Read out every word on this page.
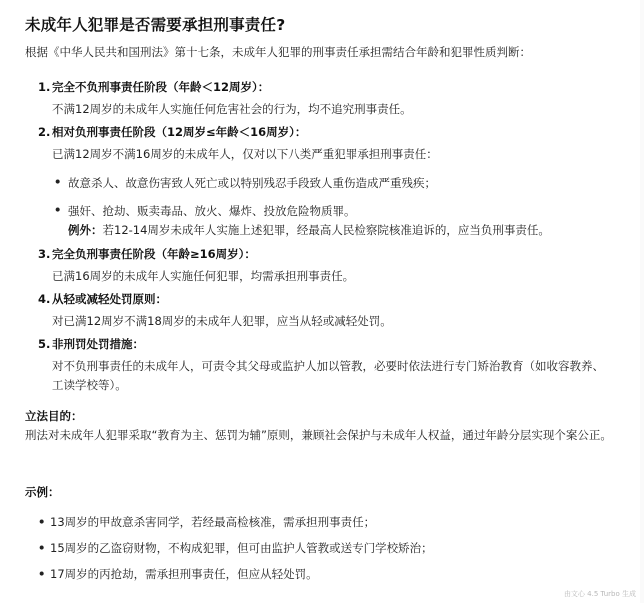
未成年人犯罪是否需要承担刑事责任?
根据《中华人民共和国刑法》第十七条，未成年人犯罪的刑事责任承担需结合年龄和犯罪性质判断：
1. 完全不负刑事责任阶段（年龄＜12周岁）：
不满12周岁的未成年人实施任何危害社会的行为，均不追究刑事责任。
2. 相对负刑事责任阶段（12周岁≤年龄＜16周岁）：
已满12周岁不满16周岁的未成年人，仅对以下八类严重犯罪承担刑事责任：
• 故意杀人、故意伤害致人死亡或以特别残忍手段致人重伤造成严重残疾；
• 强奸、抢劫、贩卖毒品、放火、爆炸、投放危险物质罪。
例外：若12-14周岁未成年人实施上述犯罪，经最高人民检察院核准追诉的，应当负刑事责任。
3. 完全负刑事责任阶段（年龄≥16周岁）：
已满16周岁的未成年人实施任何犯罪，均需承担刑事责任。
4. 从轻或减轻处罚原则：
对已满12周岁不满18周岁的未成年人犯罪，应当从轻或减轻处罚。
5. 非刑罚处罚措施：
对不负刑事责任的未成年人，可责令其父母或监护人加以管教，必要时依法进行专门矫治教育（如收容教养、工读学校等）。
立法目的：
刑法对未成年人犯罪采取“教育为主、惩罚为辅”原则，兼顾社会保护与未成年人权益，通过年龄分层实现个案公正。
示例：
• 13周岁的甲故意杀害同学，若经最高检核准，需承担刑事责任；
• 15周岁的乙盗窃财物，不构成犯罪，但可由监护人管教或送专门学校矫治；
• 17周岁的丙抢劫，需承担刑事责任，但应从轻处罚。
由文心 4.5 Turbo 生成
